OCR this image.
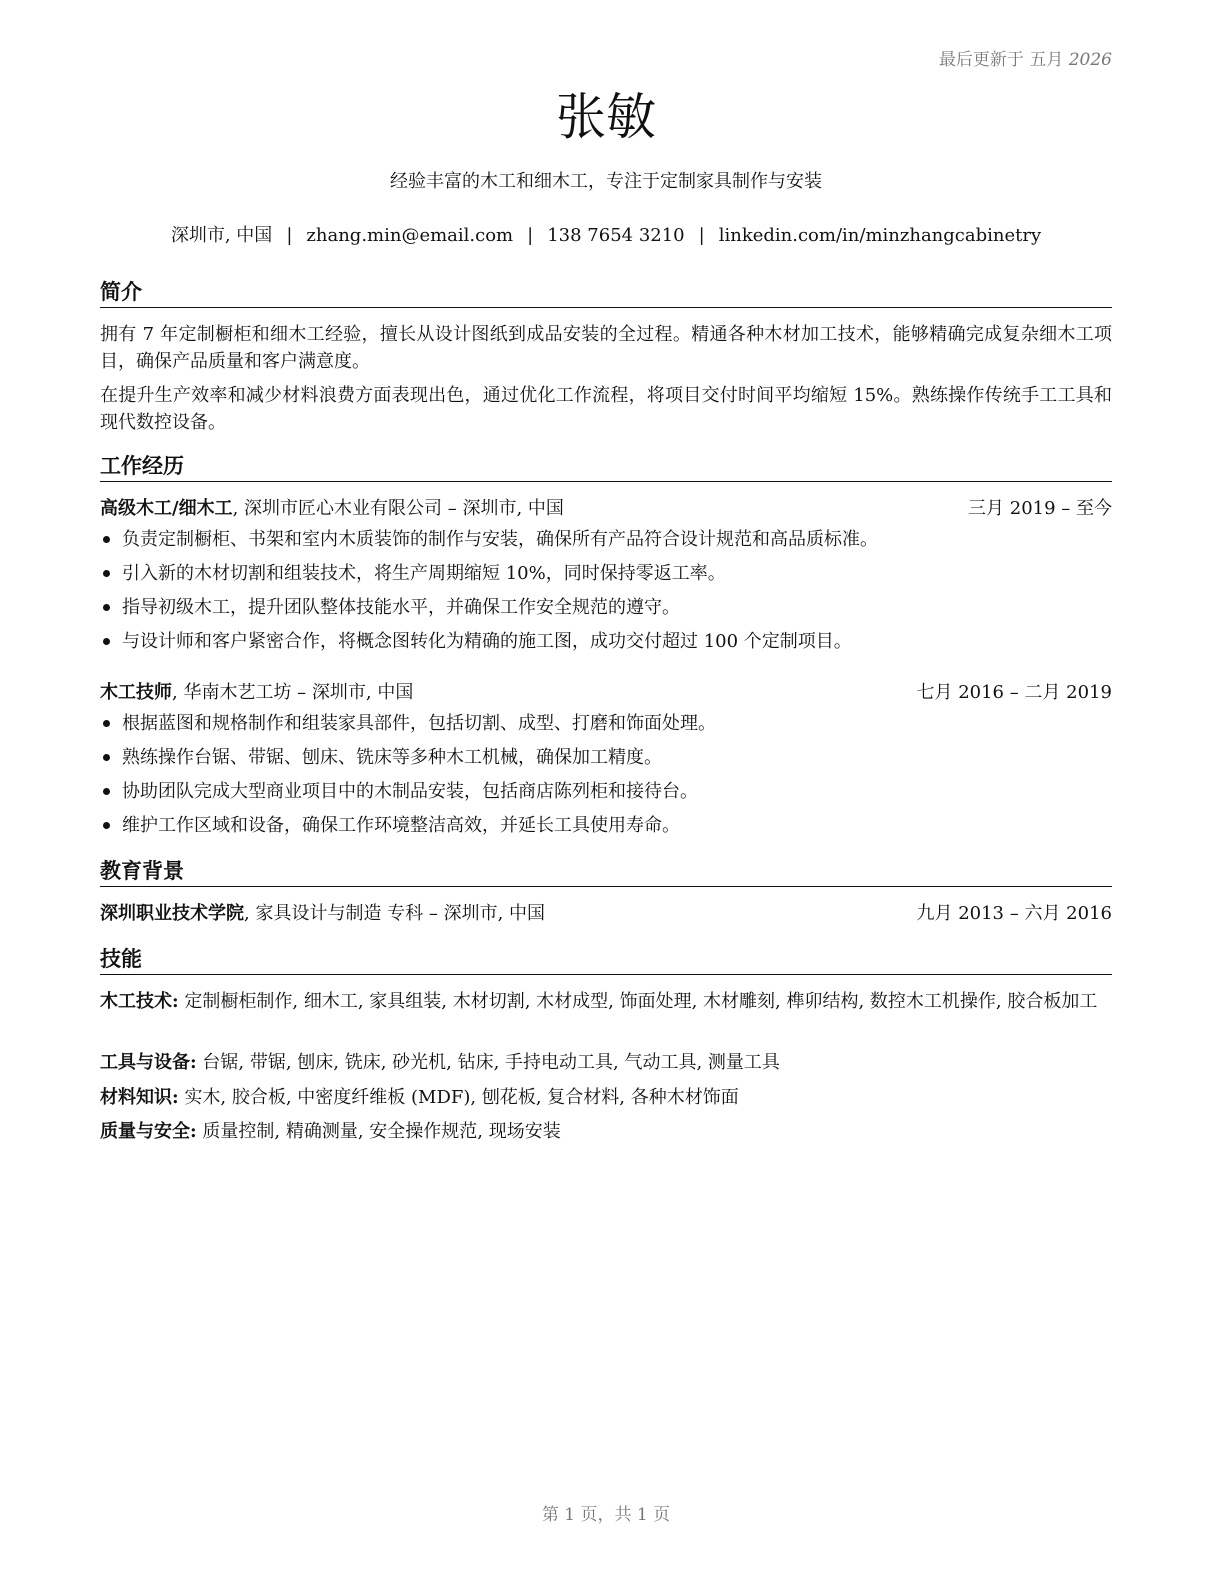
最后更新于 五月 2026
张敏
经验丰富的木工和细木工，专注于定制家具制作与安装
深圳市, 中国 | zhang.min@email.com | 138 7654 3210 | linkedin.com/in/minzhangcabinetry
简介
拥有 7 年定制橱柜和细木工经验，擅长从设计图纸到成品安装的全过程。精通各种木材加工技术，能够精确完成复杂细木工项目，确保产品质量和客户满意度。
在提升生产效率和减少材料浪费方面表现出色，通过优化工作流程，将项目交付时间平均缩短 15%。熟练操作传统手工工具和现代数控设备。
工作经历
高级木工/细木工, 深圳市匠心木业有限公司 – 深圳市, 中国	三月 2019 – 至今
负责定制橱柜、书架和室内木质装饰的制作与安装，确保所有产品符合设计规范和高品质标准。
引入新的木材切割和组装技术，将生产周期缩短 10%，同时保持零返工率。
指导初级木工，提升团队整体技能水平，并确保工作安全规范的遵守。
与设计师和客户紧密合作，将概念图转化为精确的施工图，成功交付超过 100 个定制项目。
木工技师, 华南木艺工坊 – 深圳市, 中国	七月 2016 – 二月 2019
根据蓝图和规格制作和组装家具部件，包括切割、成型、打磨和饰面处理。
熟练操作台锯、带锯、刨床、铣床等多种木工机械，确保加工精度。
协助团队完成大型商业项目中的木制品安装，包括商店陈列柜和接待台。
维护工作区域和设备，确保工作环境整洁高效，并延长工具使用寿命。
教育背景
深圳职业技术学院, 家具设计与制造 专科 – 深圳市, 中国	九月 2013 – 六月 2016
技能
木工技术: 定制橱柜制作, 细木工, 家具组装, 木材切割, 木材成型, 饰面处理, 木材雕刻, 榫卯结构, 数控木工机操作, 胶合板加工
工具与设备: 台锯, 带锯, 刨床, 铣床, 砂光机, 钻床, 手持电动工具, 气动工具, 测量工具
材料知识: 实木, 胶合板, 中密度纤维板 (MDF), 刨花板, 复合材料, 各种木材饰面
质量与安全: 质量控制, 精确测量, 安全操作规范, 现场安装
第 1 页，共 1 页
